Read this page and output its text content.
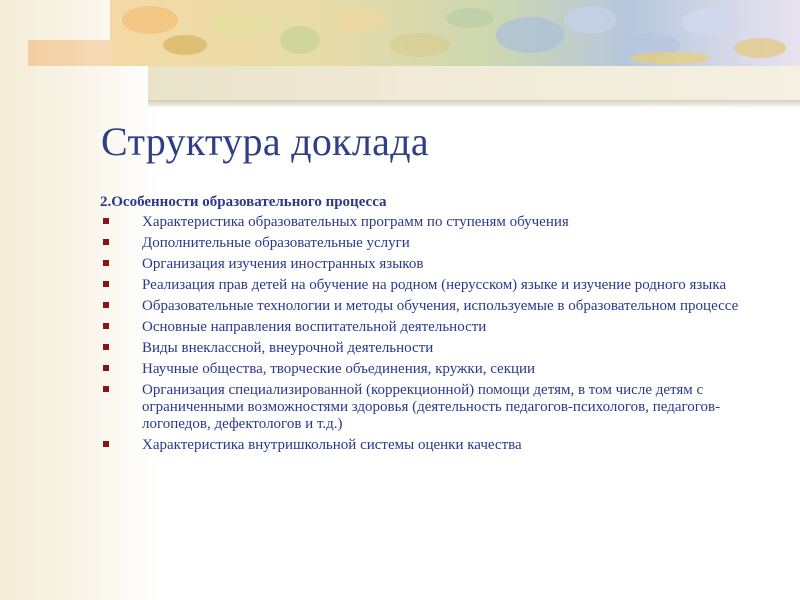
Структура доклада
2.Особенности образовательного процесса
Характеристика образовательных программ по ступеням обучения
Дополнительные образовательные услуги
Организация изучения иностранных языков
Реализация прав детей на обучение на родном (нерусском) языке и изучение родного языка
Образовательные технологии и методы обучения, используемые в образовательном процессе
Основные направления воспитательной деятельности
Виды внеклассной, внеурочной деятельности
Научные общества, творческие объединения, кружки, секции
Организация специализированной (коррекционной) помощи детям, в том числе детям с ограниченными возможностями здоровья (деятельность педагогов-психологов, педагогов-логопедов, дефектологов и т.д.)
Характеристика внутришкольной системы оценки качества
